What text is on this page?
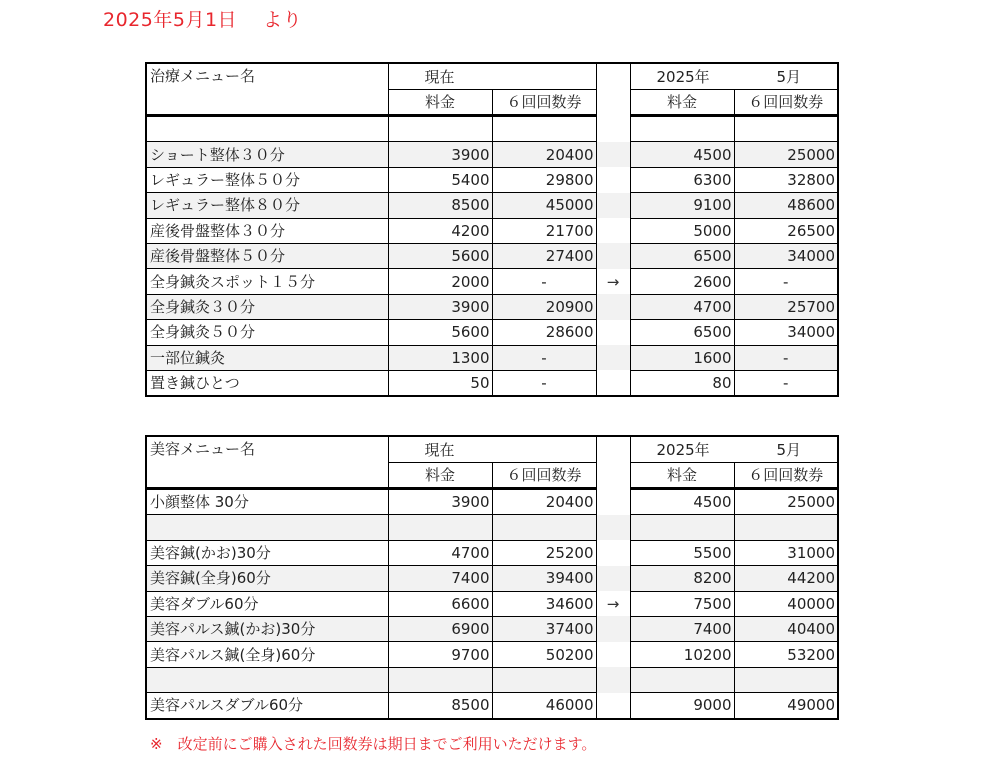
2025年5月1日　 より
治療メニュー名	現在			2025年	5月
	料金	６回回数券		料金	６回回数券

ショート整体３０分	3900	20400		4500	25000
レギュラー整体５０分	5400	29800		6300	32800
レギュラー整体８０分	8500	45000		9100	48600
産後骨盤整体３０分	4200	21700		5000	26500
産後骨盤整体５０分	5600	27400		6500	34000
全身鍼灸スポット１５分	2000	-	→	2600	-
全身鍼灸３０分	3900	20900		4700	25700
全身鍼灸５０分	5600	28600		6500	34000
一部位鍼灸	1300	-		1600	-
置き鍼ひとつ	50	-		80	-
美容メニュー名	現在			2025年	5月
	料金	６回回数券		料金	６回回数券
小顔整体 30分	3900	20400		4500	25000

美容鍼(かお)30分	4700	25200		5500	31000
美容鍼(全身)60分	7400	39400		8200	44200
美容ダブル60分	6600	34600	→	7500	40000
美容パルス鍼(かお)30分	6900	37400		7400	40400
美容パルス鍼(全身)60分	9700	50200		10200	53200

美容パルスダブル60分	8500	46000		9000	49000
※　改定前にご購入された回数券は期日までご利用いただけます。
